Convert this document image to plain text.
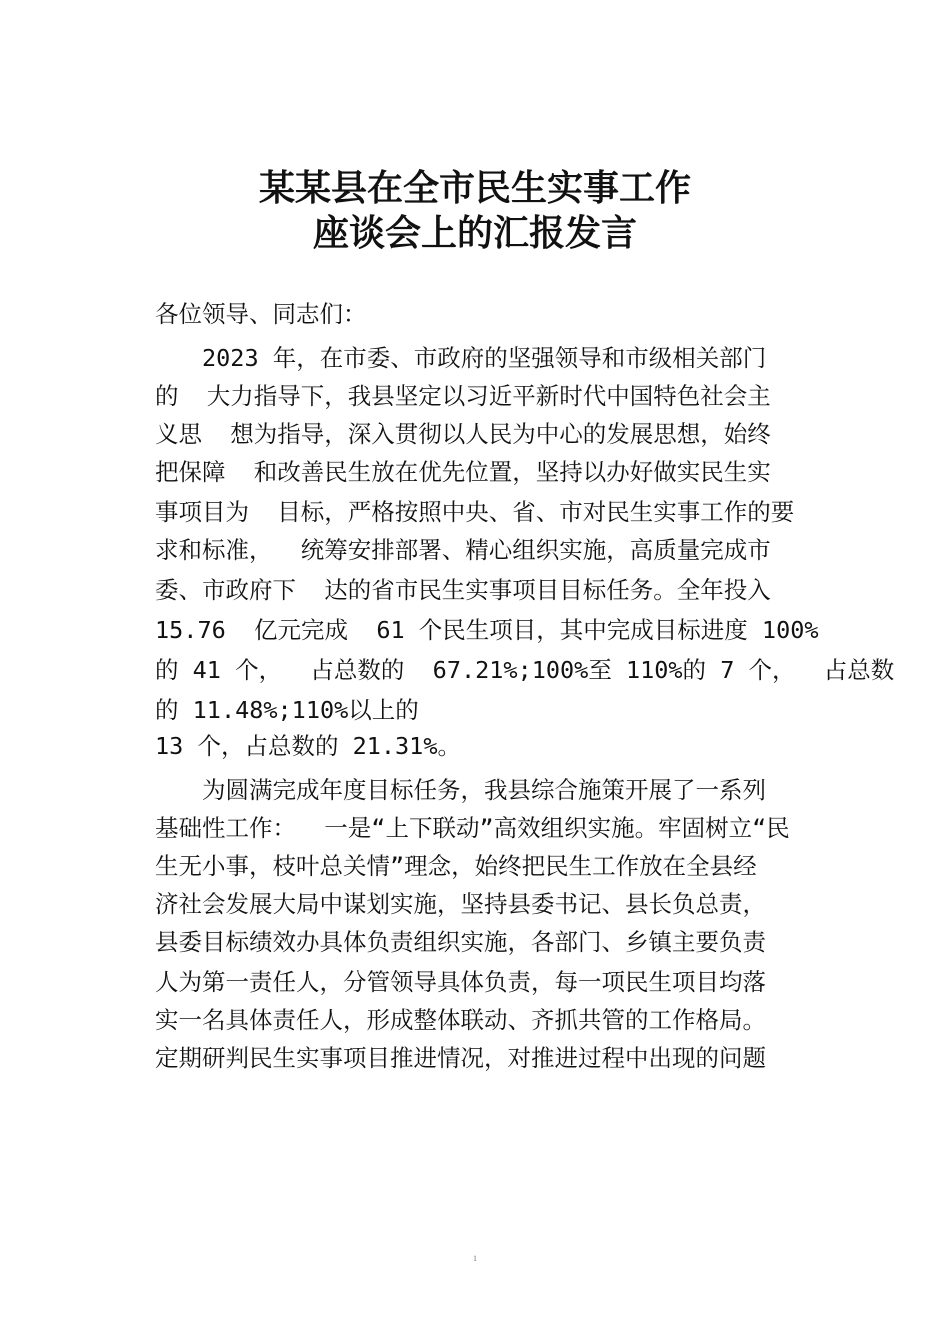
某某县在全市民生实事工作
座谈会上的汇报发言
各位领导、同志们：
　　2023 年，在市委、市政府的坚强领导和市级相关部门
的  大力指导下，我县坚定以习近平新时代中国特色社会主
义思  想为指导，深入贯彻以人民为中心的发展思想，始终
把保障  和改善民生放在优先位置，坚持以办好做实民生实
事项目为  目标，严格按照中央、省、市对民生实事工作的要
求和标准，  统筹安排部署、精心组织实施，高质量完成市
委、市政府下  达的省市民生实事项目目标任务。全年投入
15.76  亿元完成  61 个民生项目，其中完成目标进度 100%
的 41 个，  占总数的  67.21%;100%至 110%的 7 个，  占总数
的 11.48%;110%以上的
13 个，占总数的 21.31%。
　　为圆满完成年度目标任务，我县综合施策开展了一系列
基础性工作：  一是“上下联动”高效组织实施。牢固树立“民
生无小事，枝叶总关情”理念，始终把民生工作放在全县经
济社会发展大局中谋划实施，坚持县委书记、县长负总责，
县委目标绩效办具体负责组织实施，各部门、乡镇主要负责
人为第一责任人，分管领导具体负责，每一项民生项目均落
实一名具体责任人，形成整体联动、齐抓共管的工作格局。
定期研判民生实事项目推进情况，对推进过程中出现的问题
1
